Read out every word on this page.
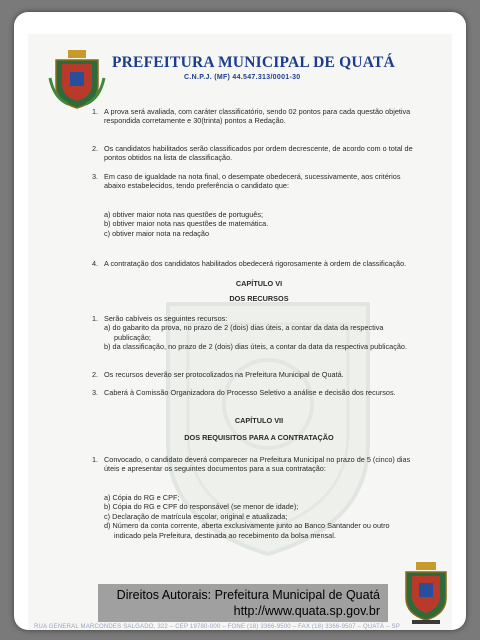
PREFEITURA MUNICIPAL DE QUATÁ
C.N.P.J. (MF) 44.547.313/0001-30
1. A prova será avaliada, com caráter classificatório, sendo 02 pontos para cada questão objetiva respondida corretamente e 30(trinta) pontos a Redação.
2. Os candidatos habilitados serão classificados por ordem decrescente, de acordo com o total de pontos obtidos na lista de classificação.
3. Em caso de igualdade na nota final, o desempate obedecerá, sucessivamente, aos critérios abaixo estabelecidos, tendo preferência o candidato que:
a) obtiver maior nota nas questões de português;
b) obtiver maior nota nas questões de matemática.
c) obtiver maior nota na redação
4. A contratação dos candidatos habilitados obedecerá rigorosamente à ordem de classificação.
CAPÍTULO VI
DOS RECURSOS
1. Serão cabíveis os seguintes recursos:
a) do gabarito da prova, no prazo de 2 (dois) dias úteis, a contar da data da respectiva publicação;
b) da classificação, no prazo de 2 (dois) dias úteis, a contar da data da respectiva publicação.
2. Os recursos deverão ser protocolizados na Prefeitura Municipal de Quatá.
3. Caberá à Comissão Organizadora do Processo Seletivo a análise e decisão dos recursos.
CAPÍTULO VII
DOS REQUISITOS PARA A CONTRATAÇÃO
1. Convocado, o candidato deverá comparecer na Prefeitura Municipal no prazo de 5 (cinco) dias úteis e apresentar os seguintes documentos para a sua contratação:
a) Cópia do RG e CPF;
b) Cópia do RG e CPF do responsável (se menor de idade);
c) Declaração de matrícula escolar, original e atualizada;
d) Número da conta corrente, aberta exclusivamente junto ao Banco Santander ou outro indicado pela Prefeitura, destinada ao recebimento da bolsa mensal.
Direitos Autorais: Prefeitura Municipal de Quatá
http://www.quata.sp.gov.br
RUA GENERAL MARCONDES SALGADO, 322 – CEP 19780-000 – FONE (18) 3366-9500 – FAX (18) 3366-9507 – QUATÁ – SP
